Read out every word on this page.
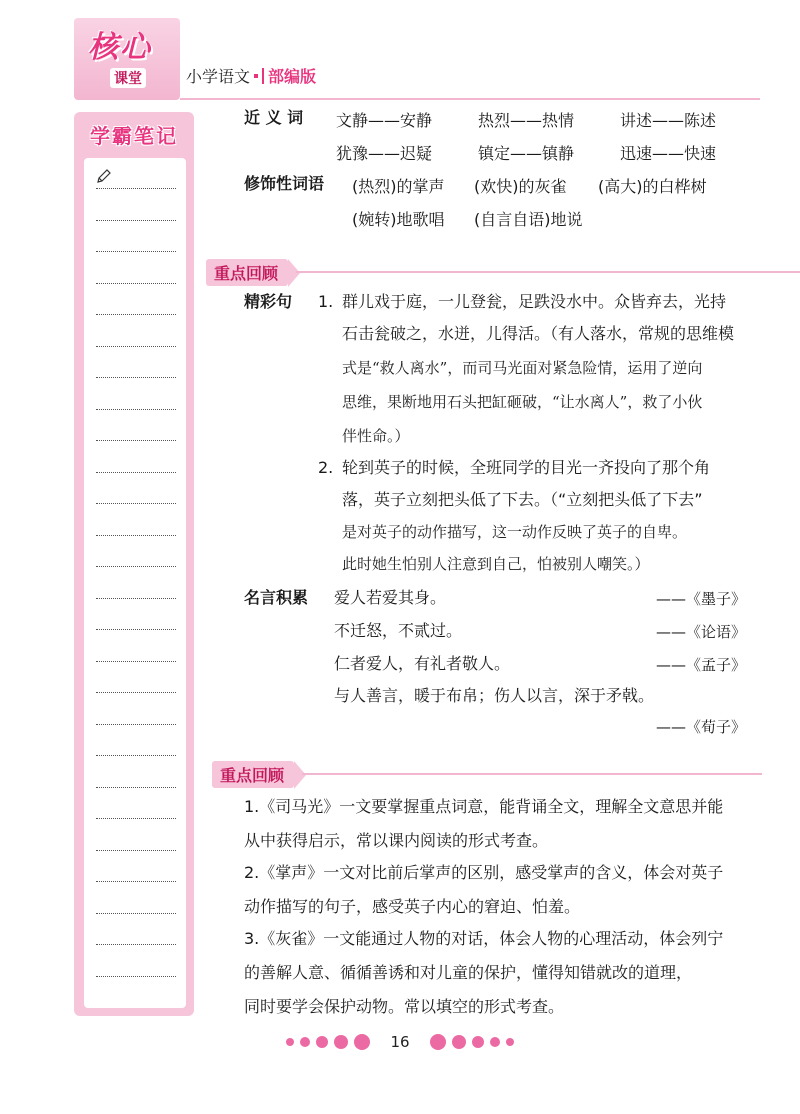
核心
课堂	小学语文 部编版
学霸笔记
近 义 词 文静——安静	热烈——热情	讲述——陈述
犹豫——迟疑	镇定——镇静	迅速——快速
修饰性词语 (热烈)的掌声 (欢快)的灰雀 (高大)的白桦树
(婉转)地歌唱 (自言自语)地说
重点回顾
精彩句 1. 群儿戏于庭，一儿登瓮，足跌没水中。众皆弃去，光持
石击瓮破之，水迸，儿得活。（有人落水，常规的思维模
式是“救人离水”，而司马光面对紧急险情，运用了逆向
思维，果断地用石头把缸砸破，“让水离人”，救了小伙
伴性命。）
2. 轮到英子的时候，全班同学的目光一齐投向了那个角
落，英子立刻把头低了下去。（“立刻把头低了下去”
是对英子的动作描写，这一动作反映了英子的自卑。
此时她生怕别人注意到自己，怕被别人嘲笑。）
名言积累 爱人若爱其身。	——《墨子》
不迁怒，不贰过。	——《论语》
仁者爱人，有礼者敬人。	——《孟子》
与人善言，暖于布帛；伤人以言，深于矛戟。
——《荀子》
重点回顾
1.《司马光》一文要掌握重点词意，能背诵全文，理解全文意思并能
从中获得启示，常以课内阅读的形式考查。
2.《掌声》一文对比前后掌声的区别，感受掌声的含义，体会对英子
动作描写的句子，感受英子内心的窘迫、怕羞。
3.《灰雀》一文能通过人物的对话，体会人物的心理活动，体会列宁
的善解人意、循循善诱和对儿童的保护，懂得知错就改的道理，
同时要学会保护动物。常以填空的形式考查。
16
